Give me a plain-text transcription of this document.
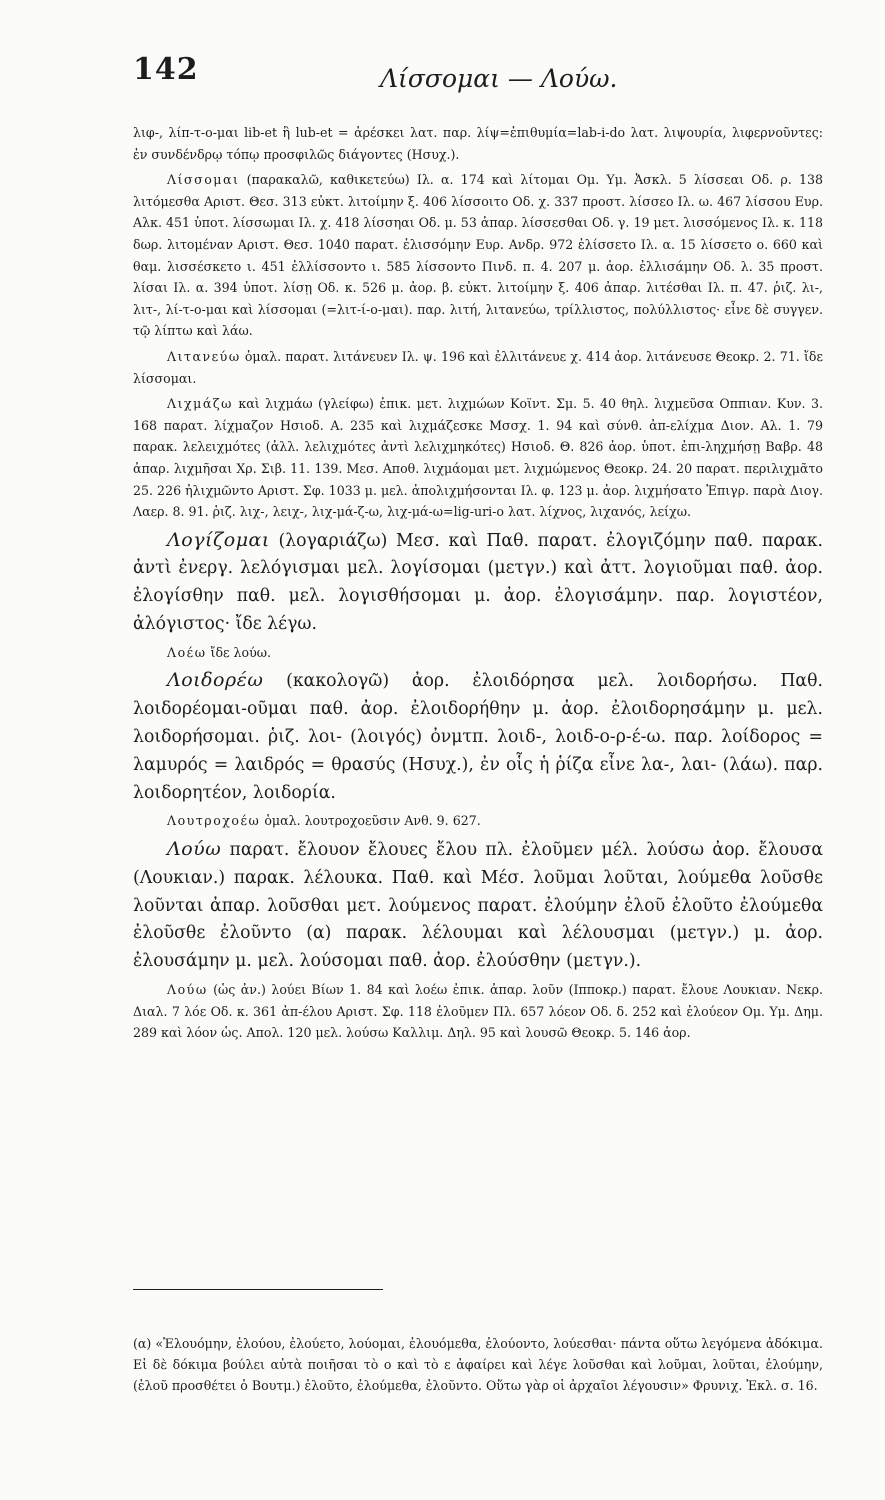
142	Λίσσομαι — Λούω.

λιφ-, λίπ-τ-ο-μαι lib-et ἢ lub-et = ἀρέσκει λατ. παρ. λίψ=ἐπιθυμία=lab-i-do λατ. λιψουρία, λιφερνοῦντες: ἐν συνδένδρῳ τόπῳ προσφιλῶς διάγοντες (Ησυχ.).

Λίσσομαι (παρακαλῶ, καθικετεύω) Ιλ. α. 174 καὶ λίτομαι Ομ. Υμ. Ἀσκλ. 5 λίσσεαι Οδ. ρ. 138 λιτόμεσθα Αριστ. Θεσ. 313 εὐκτ. λιτοίμην ξ. 406 λίσσοιτο Οδ. χ. 337 προστ. λίσσεο Ιλ. ω. 467 λίσσου Ευρ. Αλκ. 451 ὑποτ. λίσσωμαι Ιλ. χ. 418 λίσσηαι Οδ. μ. 53 ἀπαρ. λίσσεσθαι Οδ. γ. 19 μετ. λισσόμενος Ιλ. κ. 118 δωρ. λιτομέναν Αριστ. Θεσ. 1040 παρατ. ἐλισσόμην Ευρ. Ανδρ. 972 ἐλίσσετο Ιλ. α. 15 λίσσετο ο. 660 καὶ θαμ. λισσέσκετο ι. 451 ἐλλίσσοντο ι. 585 λίσσοντο Πινδ. π. 4. 207 μ. ἀορ. ἐλλισάμην Οδ. λ. 35 προστ. λίσαι Ιλ. α. 394 ὑποτ. λίσῃ Οδ. κ. 526 μ. ἀορ. β. εὐκτ. λιτοίμην ξ. 406 ἀπαρ. λιτέσθαι Ιλ. π. 47. ῥιζ. λι-, λιτ-, λί-τ-ο-μαι καὶ λίσσομαι (=λιτ-ί-ο-μαι). παρ. λιτή, λιτανεύω, τρίλλιστος, πολύλλιστος· εἶνε δὲ συγγεν. τῷ λίπτω καὶ λάω.

Λιτανεύω ὁμαλ. παρατ. λιτάνευεν Ιλ. ψ. 196 καὶ ἐλλιτάνευε χ. 414 ἀορ. λιτάνευσε Θεοκρ. 2. 71. ἴδε λίσσομαι.

Λιχμάζω καὶ λιχμάω (γλείφω) ἐπικ. μετ. λιχμώων Κοϊντ. Σμ. 5. 40 θηλ. λιχμεῦσα Οππιαν. Κυν. 3. 168 παρατ. λίχμαζον Ησιοδ. Α. 235 καὶ λιχμάζεσκε Μσσχ. 1. 94 καὶ σύνθ. ἀπ-ελίχμα Διον. Αλ. 1. 79 παρακ. λελειχμότες (ἀλλ. λελιχμότες ἀντὶ λελιχμηκότες) Ησιοδ. Θ. 826 ἀορ. ὑποτ. ἐπι-ληχμήσῃ Βαβρ. 48 ἀπαρ. λιχμῆσαι Χρ. Σιβ. 11. 139. Μεσ. Αποθ. λιχμάομαι μετ. λιχμώμενος Θεοκρ. 24. 20 παρατ. περιλιχμᾶτο 25. 226 ἠλιχμῶντο Αριστ. Σφ. 1033 μ. μελ. ἀπολιχμήσονται Ιλ. φ. 123 μ. ἀορ. λιχμήσατο Ἐπιγρ. παρὰ Διογ. Λαερ. 8. 91. ῥιζ. λιχ-, λειχ-, λιχ-μά-ζ-ω, λιχ-μά-ω=lig-uri-o λατ. λίχνος, λιχανός, λείχω.

Λογίζομαι (λογαριάζω) Μεσ. καὶ Παθ. παρατ. ἐλογιζόμην παθ. παρακ. ἀντὶ ἐνεργ. λελόγισμαι μελ. λογίσομαι (μετγν.) καὶ ἀττ. λογιοῦμαι παθ. ἀορ. ἐλογίσθην παθ. μελ. λογισθήσομαι μ. ἀορ. ἐλογισάμην. παρ. λογιστέον, ἀλόγιστος· ἴδε λέγω.

Λοέω ἴδε λούω.

Λοιδορέω (κακολογῶ) ἀορ. ἐλοιδόρησα μελ. λοιδορήσω. Παθ. λοιδορέομαι-οῦμαι παθ. ἀορ. ἐλοιδορήθην μ. ἀορ. ἐλοιδορησάμην μ. μελ. λοιδορήσομαι. ῥιζ. λοι- (λοιγός) ὀνμτπ. λοιδ-, λοιδ-ο-ρ-έ-ω. παρ. λοίδορος = λαμυρός = λαιδρός = θρασύς (Ησυχ.), ἐν οἷς ἡ ῥίζα εἶνε λα-, λαι- (λάω). παρ. λοιδορητέον, λοιδορία.

Λουτροχοέω ὁμαλ. λουτροχοεῦσιν Ανθ. 9. 627.

Λούω παρατ. ἔλουον ἔλουες ἔλου πλ. ἐλοῦμεν μέλ. λούσω ἀορ. ἔλουσα (Λουκιαν.) παρακ. λέλουκα. Παθ. καὶ Μέσ. λοῦμαι λοῦται, λούμεθα λοῦσθε λοῦνται ἀπαρ. λοῦσθαι μετ. λούμενος παρατ. ἐλούμην ἐλοῦ ἐλοῦτο ἐλούμεθα ἐλοῦσθε ἐλοῦντο (α) παρακ. λέλουμαι καὶ λέλουσμαι (μετγν.) μ. ἀορ. ἐλουσάμην μ. μελ. λούσομαι παθ. ἀορ. ἐλούσθην (μετγν.).

Λούω (ὡς ἀν.) λούει Βίων 1. 84 καὶ λοέω ἐπικ. ἀπαρ. λοῦν (Ιπποκρ.) παρατ. ἔλουε Λουκιαν. Νεκρ. Διαλ. 7 λόε Οδ. κ. 361 ἀπ-έλου Αριστ. Σφ. 118 ἐλοῦμεν Πλ. 657 λόεον Οδ. δ. 252 καὶ ἐλούεον Ομ. Υμ. Δημ. 289 καὶ λόον ὡς. Απολ. 120 μελ. λούσω Καλλιμ. Δηλ. 95 καὶ λουσῶ Θεοκρ. 5. 146 ἀορ.

(α) «Ἐλουόμην, ἐλούου, ἐλούετο, λούομαι, ἐλουόμεθα, ἐλούοντο, λούεσθαι· πάντα οὕτω λεγόμενα ἀδόκιμα. Εἰ δὲ δόκιμα βούλει αὐτὰ ποιῆσαι τὸ ο καὶ τὸ ε ἀφαίρει καὶ λέγε λοῦσθαι καὶ λοῦμαι, λοῦται, ἐλούμην, (ἐλοῦ προσθέτει ὁ Βουτμ.) ἐλοῦτο, ἐλούμεθα, ἐλοῦντο. Οὕτω γὰρ οἱ ἀρχαῖοι λέγουσιν» Φρυνιχ. Ἐκλ. σ. 16.
